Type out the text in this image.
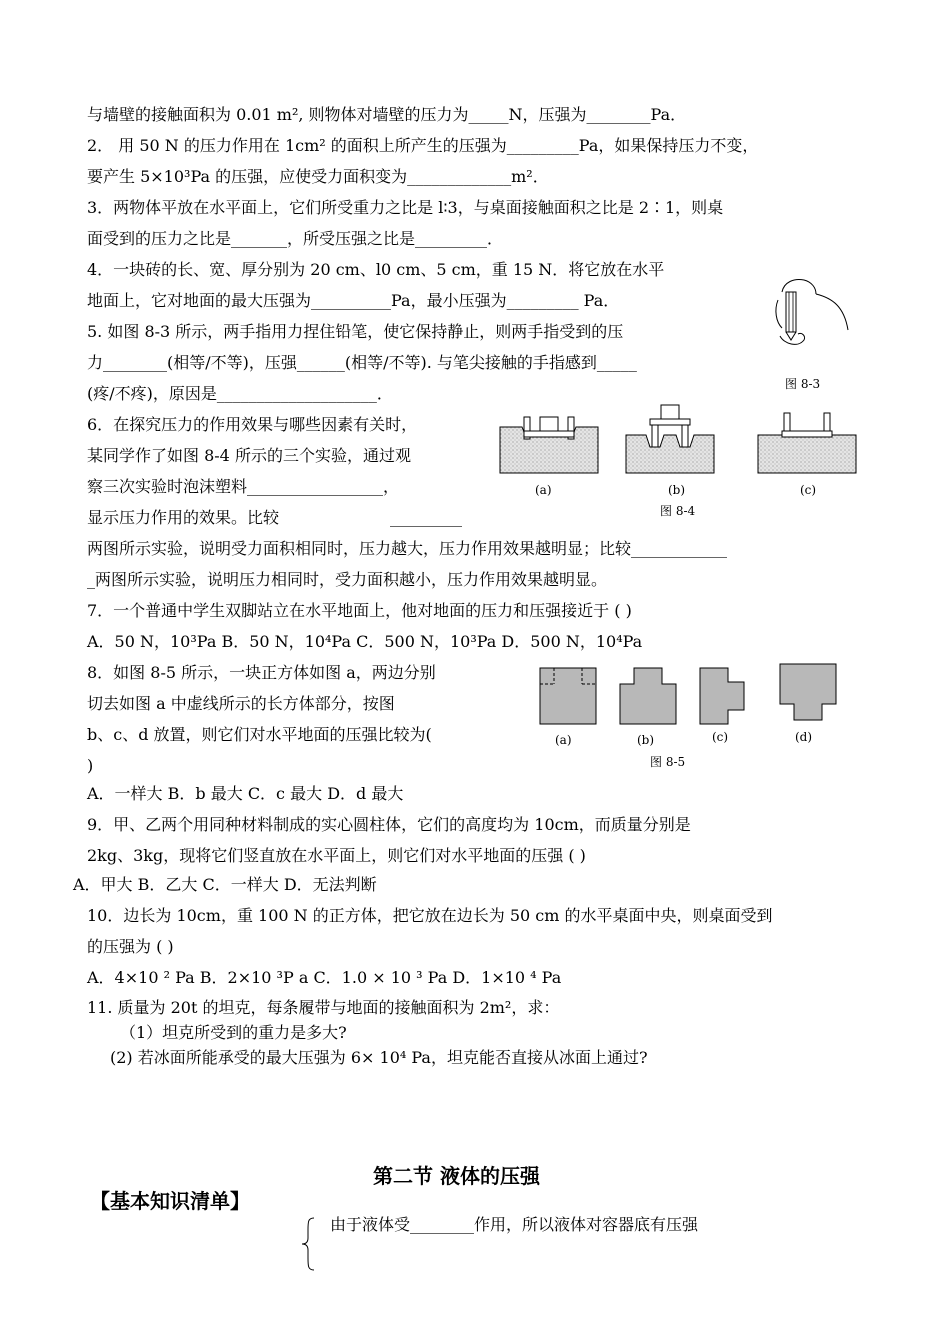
与墙壁的接触面积为 0.01 m², 则物体对墙壁的压力为_____N，压强为________Pa．
2． 用 50 N 的压力作用在 1cm² 的面积上所产生的压强为_________Pa，如果保持压力不变，
要产生 5×10³Pa 的压强，应使受力面积变为_____________m²．
3．两物体平放在水平面上，它们所受重力之比是 l∶3，与桌面接触面积之比是 2∶1，则桌
面受到的压力之比是_______，所受压强之比是_________．
4．一块砖的长、宽、厚分别为 20 cm、l0 cm、5 cm，重 15 N．将它放在水平
地面上，它对地面的最大压强为__________Pa，最小压强为_________ Pa．
5. 如图 8-3 所示，两手指用力捏住铅笔，使它保持静止，则两手指受到的压
力________(相等/不等)，压强______(相等/不等). 与笔尖接触的手指感到_____
(疼/不疼)，原因是____________________．	图 8-3
6．在探究压力的作用效果与哪些因素有关时，
某同学作了如图 8-4 所示的三个实验，通过观
察三次实验时泡沫塑料_________________，
显示压力作用的效果。比较	_________
(a)	(b)	(c)
图 8-4
两图所示实验，说明受力面积相同时，压力越大，压力作用效果越明显；比较____________
_两图所示实验，说明压力相同时，受力面积越小，压力作用效果越明显。
7．一个普通中学生双脚站立在水平地面上，他对地面的压力和压强接近于 ( )
A．50 N，10³Pa B．50 N，10⁴Pa C．500 N，10³Pa D．500 N，10⁴Pa
8．如图 8-5 所示，一块正方体如图 a，两边分别
切去如图 a 中虚线所示的长方体部分，按图
b、c、d 放置，则它们对水平地面的压强比较为(
)
(a)	(b)	(c)	(d)
图 8-5
A．一样大 B．b 最大 C．c 最大 D．d 最大
9．甲、乙两个用同种材料制成的实心圆柱体，它们的高度均为 10cm，而质量分别是
2kg、3kg，现将它们竖直放在水平面上，则它们对水平地面的压强 ( )
A．甲大 B．乙大 C．一样大 D．无法判断
10．边长为 10cm，重 100 N 的正方体，把它放在边长为 50 cm 的水平桌面中央，则桌面受到
的压强为 ( )
A．4×10 ² Pa B．2×10 ³P a C．1.0 × 10 ³ Pa D．1×10 ⁴ Pa
11. 质量为 20t 的坦克，每条履带与地面的接触面积为 2m²，求：
（1）坦克所受到的重力是多大?
(2) 若冰面所能承受的最大压强为 6× 10⁴ Pa，坦克能否直接从冰面上通过?
第二节 液体的压强
【基本知识清单】
由于液体受________作用，所以液体对容器底有压强
